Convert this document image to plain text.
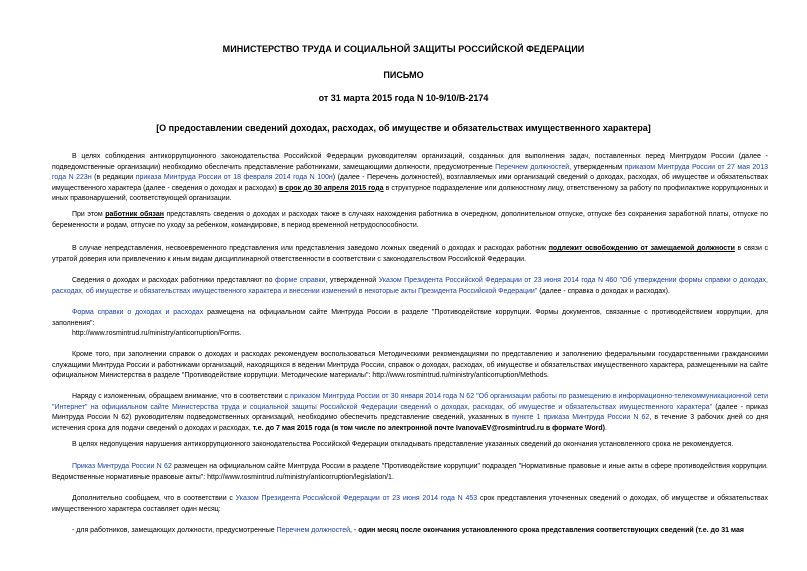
МИНИСТЕРСТВО ТРУДА И СОЦИАЛЬНОЙ ЗАЩИТЫ РОССИЙСКОЙ ФЕДЕРАЦИИ
ПИСЬМО
от 31 марта 2015 года N 10-9/10/В-2174
[О предоставлении сведений доходах, расходах, об имуществе и обязательствах имущественного характера]
В целях соблюдения антикоррупционного законодательства Российской Федерации руководителям организаций, созданных для выполнения задач, поставленных перед Минтрудом России (далее - подведомственные организации) необходимо обеспечить представление работниками, замещающими должности, предусмотренные Перечнем должностей, утвержденным приказом Минтруда России от 27 мая 2013 года N 223н (в редакции приказа Минтруда России от 18 февраля 2014 года N 100н) (далее - Перечень должностей), возглавляемых ими организаций сведений о доходах, расходах, об имуществе и обязательствах имущественного характера (далее - сведения о доходах и расходах) в срок до 30 апреля 2015 года в структурное подразделение или должностному лицу, ответственному за работу по профилактике коррупционных и иных правонарушений, соответствующей организации.
При этом работник обязан представлять сведения о доходах и расходах также в случаях нахождения работника в очередном, дополнительном отпуске, отпуске без сохранения заработной платы, отпуске по беременности и родам, отпуске по уходу за ребенком, командировке, в период временной нетрудоспособности.
В случае непредставления, несвоевременного представления или представления заведомо ложных сведений о доходах и расходах работник подлежит освобождению от замещаемой должности в связи с утратой доверия или привлечению к иным видам дисциплинарной ответственности в соответствии с законодательством Российской Федерации.
Сведения о доходах и расходах работники представляют по форме справки, утвержденной Указом Президента Российской Федерации от 23 июня 2014 года N 460 "Об утверждении формы справки о доходах, расходах, об имуществе и обязательствах имущественного характера и внесении изменений в некоторые акты Президента Российской Федерации" (далее - справка о доходах и расходах).
Форма справки о доходах и расходах размещена на официальном сайте Минтруда России в разделе "Противодействие коррупции. Формы документов, связанные с противодействием коррупции, для заполнения":
http://www.rosmintrud.ru/ministry/anticorruption/Forms.
Кроме того, при заполнении справок о доходах и расходах рекомендуем воспользоваться Методическими рекомендациями по представлению и заполнению федеральными государственными гражданскими служащими Минтруда России и работниками организаций, находящихся в ведении Минтруда России, справок о доходах, расходах, об имуществе и обязательствах имущественного характера, размещенными на сайте официальном Министерства в разделе "Противодействие коррупции. Методические материалы": http://www.rosmintrud.ru/ministry/anticorruption/Methods.
Наряду с изложенным, обращаем внимание, что в соответствии с приказом Минтруда России от 30 января 2014 года N 62 "Об организации работы по размещению в информационно-телекоммуникационной сети "Интернет" на официальном сайте Министерства труда и социальной защиты Российской Федерации сведений о доходах, расходах, об имуществе и обязательствах имущественного характера" (далее - приказ Минтруда России N 62) руководителям подведомственных организаций, необходимо обеспечить представление сведений, указанных в пункте 1 приказа Минтруда России N 62, в течение 3 рабочих дней со дня истечения срока для подачи сведений о доходах и расходах, т.е. до 7 мая 2015 года (в том числе по электронной почте IvanovaEV@rosmintrud.ru в формате Word).
В целях недопущения нарушения антикоррупционного законодательства Российской Федерации откладывать представление указанных сведений до окончания установленного срока не рекомендуется.
Приказ Минтруда России N 62 размещен на официальном сайте Минтруда России в разделе "Противодействие коррупции" подраздел "Нормативные правовые и иные акты в сфере противодействия коррупции. Ведомственные нормативные правовые акты": http://www.rosmintrud.ru/ministry/anticorruption/legislation/1.
Дополнительно сообщаем, что в соответствии с Указом Президента Российской Федерации от 23 июня 2014 года N 453 срок представления уточненных сведений о доходах, об имуществе и обязательствах имущественного характера составляет один месяц:
- для работников, замещающих должности, предусмотренные Перечнем должностей, - один месяц после окончания установленного срока представления соответствующих сведений (т.е. до 31 мая
